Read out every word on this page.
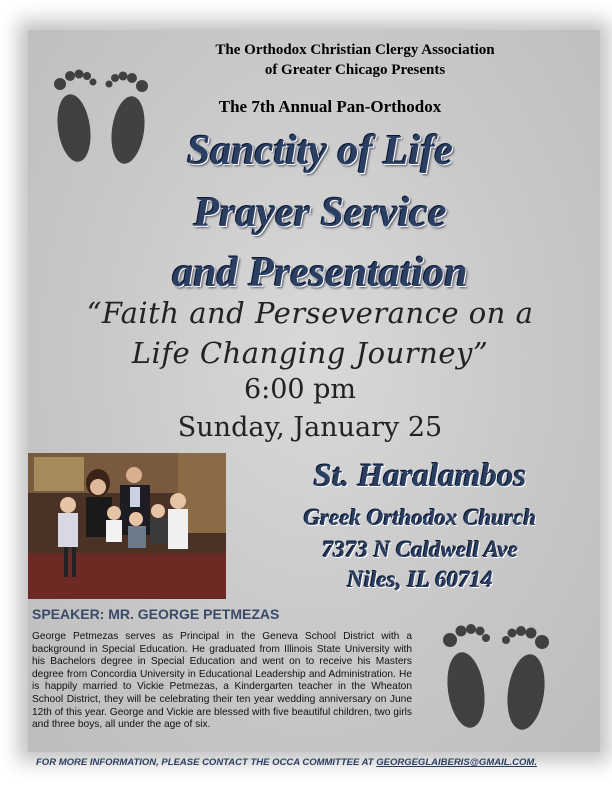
The Orthodox Christian Clergy Association
of Greater Chicago Presents
The 7th Annual Pan-Orthodox
Sanctity of Life
Prayer Service
and Presentation
“Faith and Perseverance on a
Life Changing Journey”
6:00 pm
Sunday, January 25
St. Haralambos
Greek Orthodox Church
7373 N Caldwell Ave
Niles, IL 60714
SPEAKER: MR. GEORGE PETMEZAS
George Petmezas serves as Principal in the Geneva School District with a background in Special Education. He graduated from Illinois State University with his Bachelors degree in Special Education and went on to receive his Masters degree from Concordia University in Educational Leadership and Administration. He is happily married to Vickie Petmezas, a Kindergarten teacher in the Wheaton School District, they will be celebrating their ten year wedding anniversary on June 12th of this year. George and Vickie are blessed with five beautiful children, two girls and three boys, all under the age of six.
FOR MORE INFORMATION, PLEASE CONTACT THE OCCA COMMITTEE AT GEORGEGLAIBERIS@GMAIL.COM.
